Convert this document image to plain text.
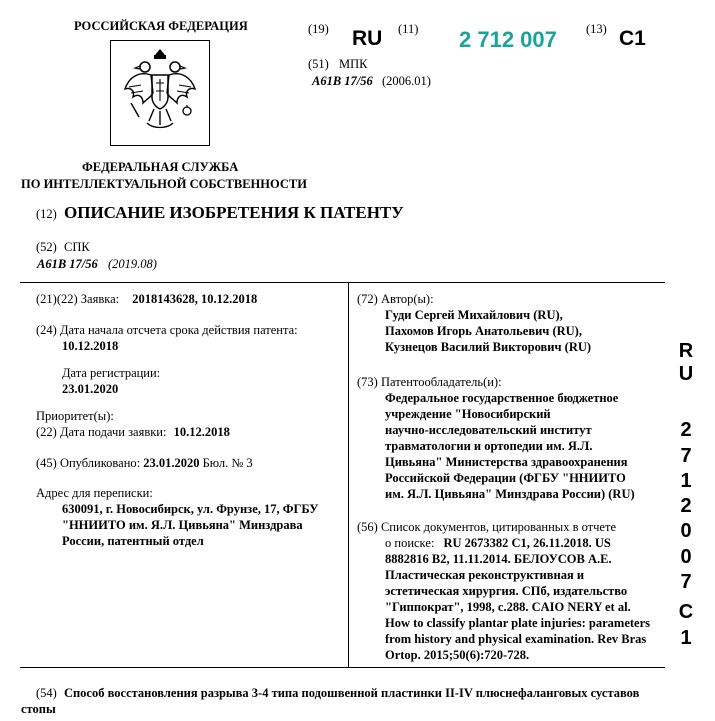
РОССИЙСКАЯ ФЕДЕРАЦИЯ
ФЕДЕРАЛЬНАЯ СЛУЖБА
ПО ИНТЕЛЛЕКТУАЛЬНОЙ СОБСТВЕННОСТИ
(19) RU (11) 2 712 007 (13) C1
(51) МПК
A61B 17/56 (2006.01)
(12) ОПИСАНИЕ ИЗОБРЕТЕНИЯ К ПАТЕНТУ
(52) СПК
A61B 17/56 (2019.08)
(21)(22) Заявка: 2018143628, 10.12.2018
(24) Дата начала отсчета срока действия патента:
10.12.2018
Дата регистрации:
23.01.2020
Приоритет(ы):
(22) Дата подачи заявки: 10.12.2018
(45) Опубликовано: 23.01.2020 Бюл. № 3
Адрес для переписки:
630091, г. Новосибирск, ул. Фрунзе, 17, ФГБУ
"ННИИТО им. Я.Л. Цивьяна" Минздрава
России, патентный отдел
(72) Автор(ы):
Гуди Сергей Михайлович (RU),
Пахомов Игорь Анатольевич (RU),
Кузнецов Василий Викторович (RU)
(73) Патентообладатель(и):
Федеральное государственное бюджетное
учреждение "Новосибирский
научно-исследовательский институт
травматологии и ортопедии им. Я.Л.
Цивьяна" Министерства здравоохранения
Российской Федерации (ФГБУ "ННИИТО
им. Я.Л. Цивьяна" Минздрава России) (RU)
(56) Список документов, цитированных в отчете
о поиске: RU 2673382 C1, 26.11.2018. US
8882816 B2, 11.11.2014. БЕЛОУСОВ А.Е.
Пластическая реконструктивная и
эстетическая хирургия. СПб, издательство
"Гиппократ", 1998, с.288. CAIO NERY et al.
How to classify plantar plate injuries: parameters
from history and physical examination. Rev Bras
Ortop. 2015;50(6):720-728.
R
U
2
7
1
2
0
0
7
C
1
(54) Способ восстановления разрыва 3-4 типа подошвенной пластинки II-IV плюснефаланговых суставов
стопы
